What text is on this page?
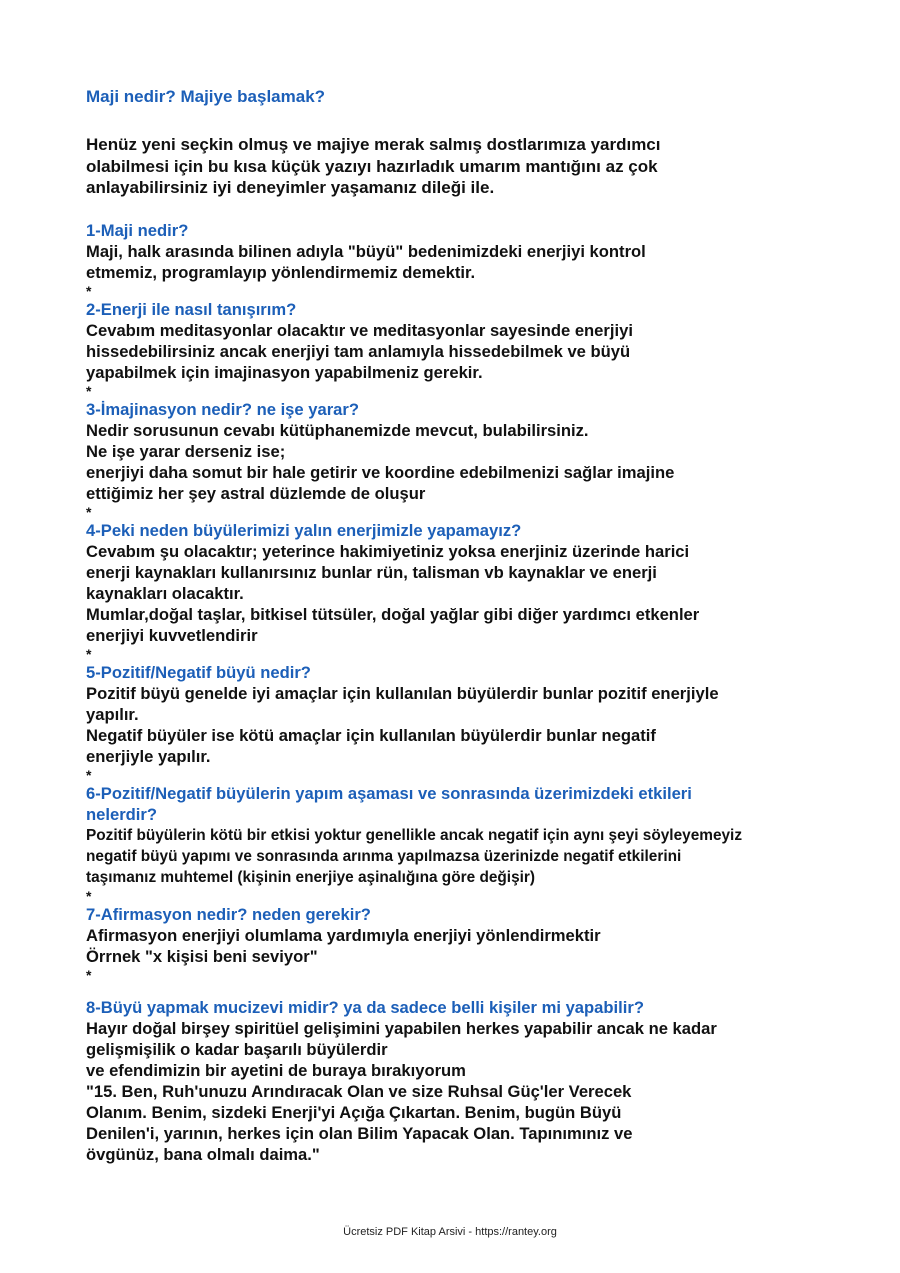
Maji nedir? Majiye başlamak?

Henüz yeni seçkin olmuş ve majiye merak salmış dostlarımıza yardımcı

olabilmesi için bu kısa küçük yazıyı hazırladık umarım mantığını az çok

anlayabilirsiniz iyi deneyimler yaşamanız dileği ile.

1-Maji nedir?

Maji, halk arasında bilinen adıyla "büyü" bedenimizdeki enerjiyi kontrol

etmemiz, programlayıp yönlendirmemiz demektir.

*
2-Enerji ile nasıl tanışırım?

Cevabım meditasyonlar olacaktır ve meditasyonlar sayesinde enerjiyi

hissedebilirsiniz ancak enerjiyi tam anlamıyla hissedebilmek ve büyü

yapabilmek için imajinasyon yapabilmeniz gerekir.

*
3-İmajinasyon nedir? ne işe yarar?

Nedir sorusunun cevabı kütüphanemizde mevcut, bulabilirsiniz.

Ne işe yarar derseniz ise;

enerjiyi daha somut bir hale getirir ve koordine edebilmenizi sağlar imajine

ettiğimiz her şey astral düzlemde de oluşur

*
4-Peki neden büyülerimizi yalın enerjimizle yapamayız?

Cevabım şu olacaktır; yeterince hakimiyetiniz yoksa enerjiniz üzerinde harici

enerji kaynakları kullanırsınız bunlar rün, talisman vb kaynaklar ve enerji

kaynakları olacaktır.

Mumlar,doğal taşlar, bitkisel tütsüler, doğal yağlar gibi diğer yardımcı etkenler

enerjiyi kuvvetlendirir

*
5-Pozitif/Negatif büyü nedir?

Pozitif büyü genelde iyi amaçlar için kullanılan büyülerdir bunlar pozitif enerjiyle

yapılır.

Negatif büyüler ise kötü amaçlar için kullanılan büyülerdir bunlar negatif

enerjiyle yapılır.

*
6-Pozitif/Negatif büyülerin yapım aşaması ve sonrasında üzerimizdeki etkileri
nelerdir?

Pozitif büyülerin kötü bir etkisi yoktur genellikle ancak negatif için aynı şeyi söyleyemeyiz

negatif büyü yapımı ve sonrasında arınma yapılmazsa üzerinizde negatif etkilerini

taşımanız muhtemel (kişinin enerjiye aşinalığına göre değişir)

*
7-Afirmasyon nedir? neden gerekir?

Afirmasyon enerjiyi olumlama yardımıyla enerjiyi yönlendirmektir

Örrnek "x kişisi beni seviyor"

*
8-Büyü yapmak mucizevi midir? ya da sadece belli kişiler mi yapabilir?

Hayır doğal birşey spiritüel gelişimini yapabilen herkes yapabilir ancak ne kadar

gelişmişilik o kadar başarılı büyülerdir

ve efendimizin bir ayetini de buraya bırakıyorum

"15. Ben, Ruh'unuzu Arındıracak Olan ve size Ruhsal Güç'ler Verecek

Olanım. Benim, sizdeki Enerji'yi Açığa Çıkartan. Benim, bugün Büyü

Denilen'i, yarının, herkes için olan Bilim Yapacak Olan. Tapınımınız ve

övgünüz, bana olmalı daima."

Ücretsiz PDF Kitap Arsivi - https://rantey.org
